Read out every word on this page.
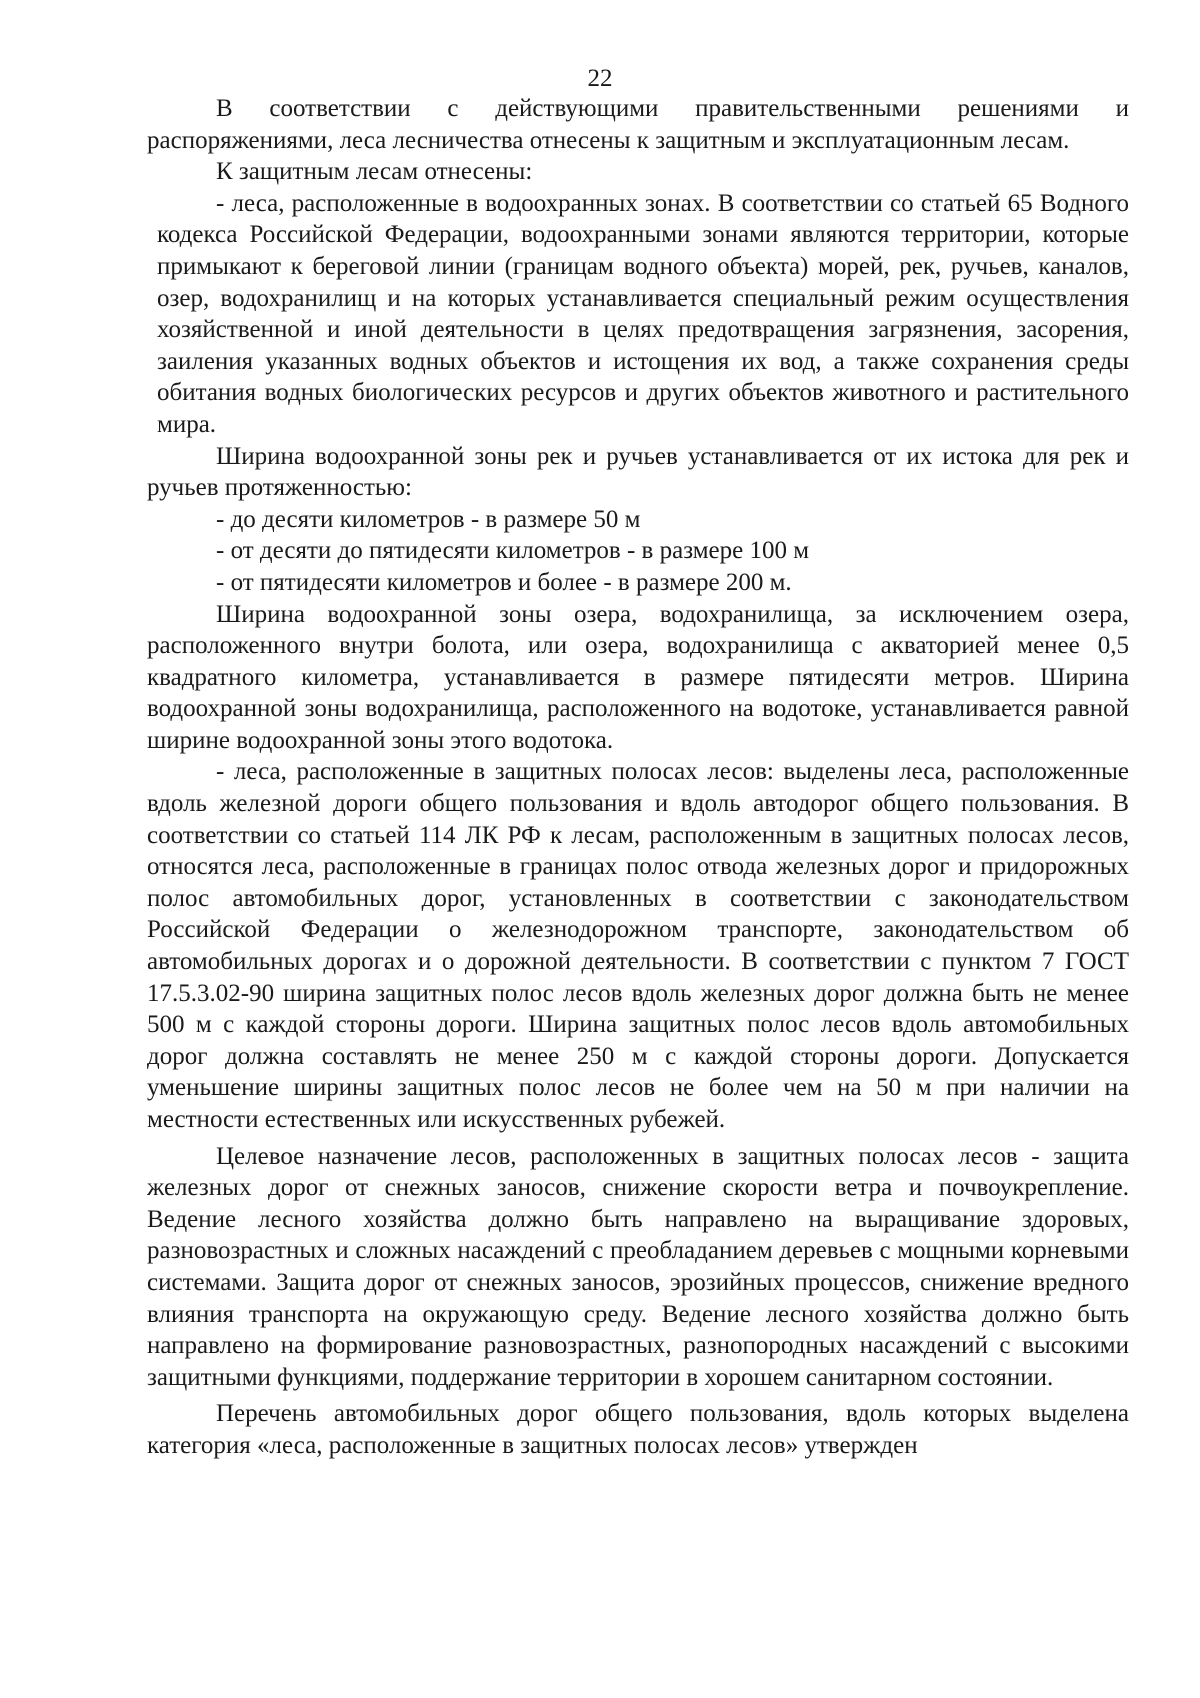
22

В соответствии с действующими правительственными решениями и распоряжениями, леса лесничества отнесены к защитным и эксплуатационным лесам.

К защитным лесам отнесены:

- леса, расположенные в водоохранных зонах. В соответствии со статьей 65 Водного кодекса Российской Федерации, водоохранными зонами являются территории, которые примыкают к береговой линии (границам водного объекта) морей, рек, ручьев, каналов, озер, водохранилищ и на которых устанавливается специальный режим осуществления хозяйственной и иной деятельности в целях предотвращения загрязнения, засорения, заиления указанных водных объектов и истощения их вод, а также сохранения среды обитания водных биологических ресурсов и других объектов животного и растительного мира.

Ширина водоохранной зоны рек и ручьев устанавливается от их истока для рек и ручьев протяженностью:

- до десяти километров - в размере 50 м

- от десяти до пятидесяти километров - в размере 100 м

- от пятидесяти километров и более - в размере 200 м.

Ширина водоохранной зоны озера, водохранилища, за исключением озера, расположенного внутри болота, или озера, водохранилища с акваторией менее 0,5 квадратного километра, устанавливается в размере пятидесяти метров. Ширина водоохранной зоны водохранилища, расположенного на водотоке, устанавливается равной ширине водоохранной зоны этого водотока.

- леса, расположенные в защитных полосах лесов: выделены леса, расположенные вдоль железной дороги общего пользования и вдоль автодорог общего пользования. В соответствии со статьей 114 ЛК РФ к лесам, расположенным в защитных полосах лесов, относятся леса, расположенные в границах полос отвода железных дорог и придорожных полос автомобильных дорог, установленных в соответствии с законодательством Российской Федерации о железнодорожном транспорте, законодательством об автомобильных дорогах и о дорожной деятельности. В соответствии с пунктом 7 ГОСТ 17.5.3.02-90 ширина защитных полос лесов вдоль железных дорог должна быть не менее 500 м с каждой стороны дороги. Ширина защитных полос лесов вдоль автомобильных дорог должна составлять не менее 250 м с каждой стороны дороги. Допускается уменьшение ширины защитных полос лесов не более чем на 50 м при наличии на местности естественных или искусственных рубежей.

Целевое назначение лесов, расположенных в защитных полосах лесов - защита железных дорог от снежных заносов, снижение скорости ветра и почвоукрепление. Ведение лесного хозяйства должно быть направлено на выращивание здоровых, разновозрастных и сложных насаждений с преобладанием деревьев с мощными корневыми системами. Защита дорог от снежных заносов, эрозийных процессов, снижение вредного влияния транспорта на окружающую среду. Ведение лесного хозяйства должно быть направлено на формирование разновозрастных, разнопородных насаждений с высокими защитными функциями, поддержание территории в хорошем санитарном состоянии.

Перечень автомобильных дорог общего пользования, вдоль которых выделена категория «леса, расположенные в защитных полосах лесов» утвержден
